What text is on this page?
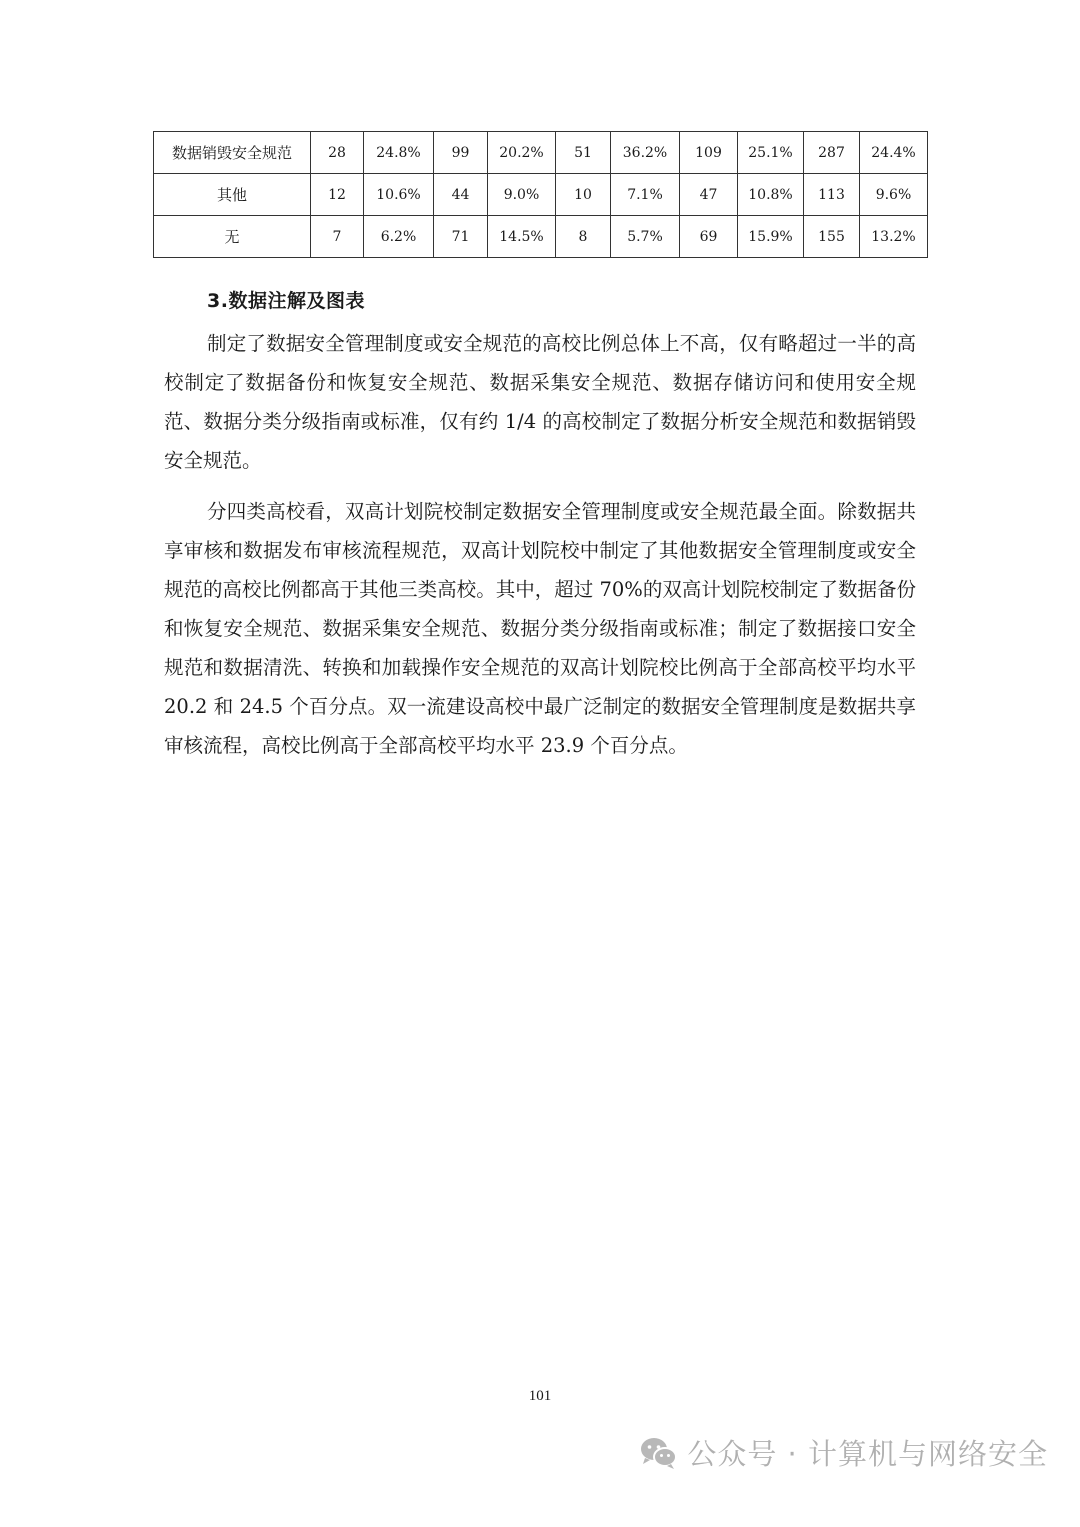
数据销毁安全规范	28	24.8%	99	20.2%	51	36.2%	109	25.1%	287	24.4%
其他	12	10.6%	44	9.0%	10	7.1%	47	10.8%	113	9.6%
无	7	6.2%	71	14.5%	8	5.7%	69	15.9%	155	13.2%
3.数据注解及图表

制定了数据安全管理制度或安全规范的高校比例总体上不高，仅有略超过一半的高校制定了数据备份和恢复安全规范、数据采集安全规范、数据存储访问和使用安全规范、数据分类分级指南或标准，仅有约 1/4 的高校制定了数据分析安全规范和数据销毁安全规范。

分四类高校看，双高计划院校制定数据安全管理制度或安全规范最全面。除数据共享审核和数据发布审核流程规范，双高计划院校中制定了其他数据安全管理制度或安全规范的高校比例都高于其他三类高校。其中，超过 70%的双高计划院校制定了数据备份和恢复安全规范、数据采集安全规范、数据分类分级指南或标准；制定了数据接口安全规范和数据清洗、转换和加载操作安全规范的双高计划院校比例高于全部高校平均水平 20.2 和 24.5 个百分点。双一流建设高校中最广泛制定的数据安全管理制度是数据共享审核流程，高校比例高于全部高校平均水平 23.9 个百分点。

101
公众号 · 计算机与网络安全
